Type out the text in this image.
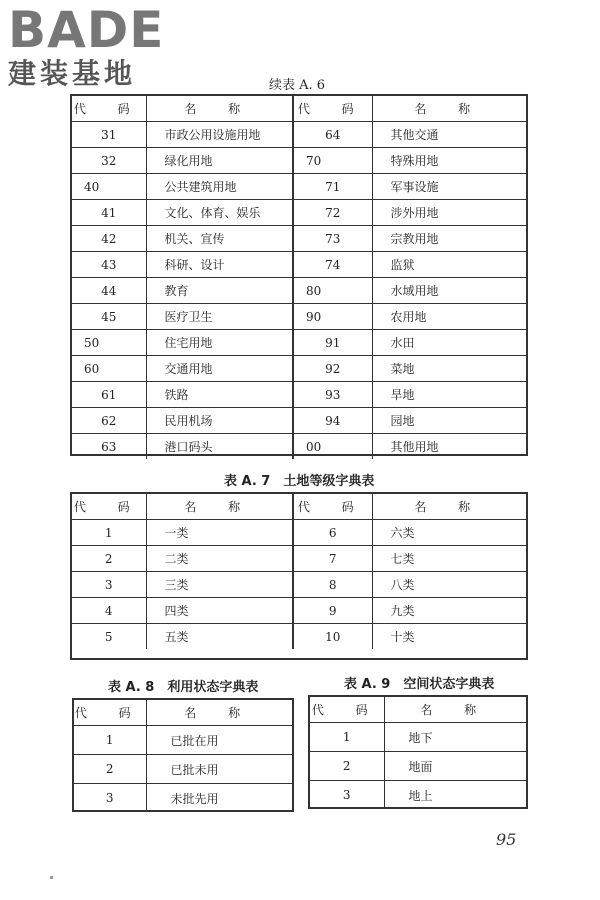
BADE
建装基地	续表 A. 6
代 码	名 称	代 码	名 称
31	市政公用设施用地	64	其他交通
32	绿化用地	70	特殊用地
40	公共建筑用地	71	军事设施
41	文化、体育、娱乐	72	涉外用地
42	机关、宣传	73	宗教用地
43	科研、设计	74	监狱
44	教育	80	水域用地
45	医疗卫生	90	农用地
50	住宅用地	91	水田
60	交通用地	92	菜地
61	铁路	93	旱地
62	民用机场	94	园地
63	港口码头	00	其他用地
表 A. 7　土地等级字典表
代 码	名 称	代 码	名 称
1	一类	6	六类
2	二类	7	七类
3	三类	8	八类
4	四类	9	九类
5	五类	10	十类
表 A. 8　利用状态字典表
代 码	名 称
1	已批在用
2	已批未用
3	未批先用
表 A. 9　空间状态字典表
代 码	名 称
1	地下
2	地面
3	地上
95
